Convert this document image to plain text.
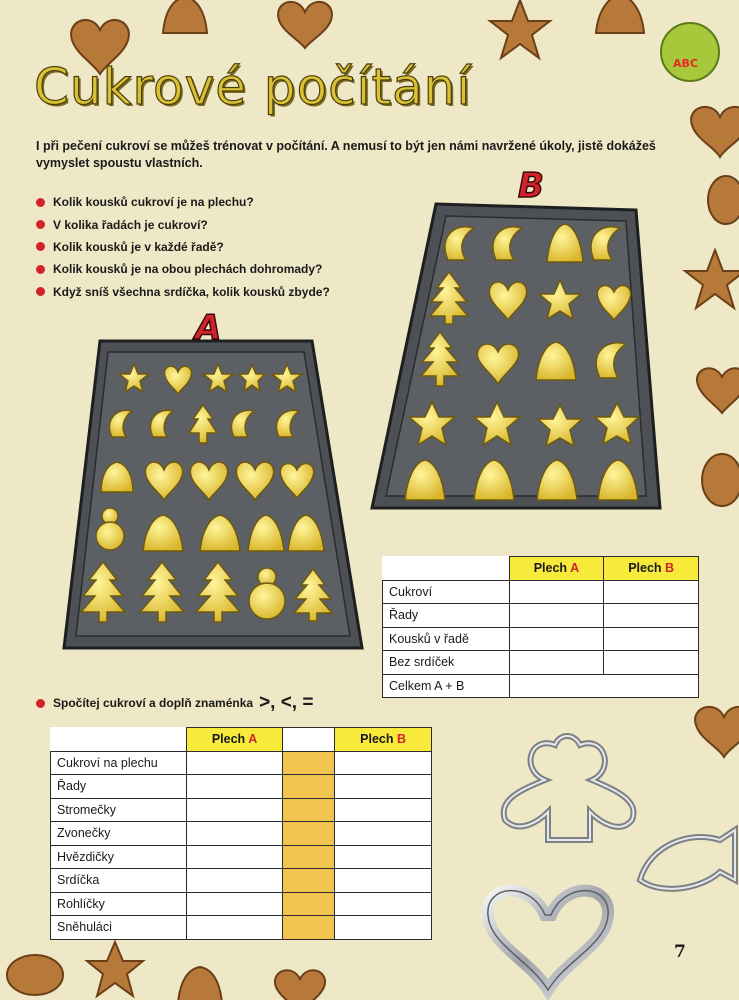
ABC
Cukrové počítání
I při pečení cukroví se můžeš trénovat v počítání. A nemusí to být jen námi navržené úkoly, jistě dokážeš vymyslet spoustu vlastních.
Kolik kousků cukroví je na plechu?
V kolika řadách je cukroví?
Kolik kousků je v každé řadě?
Kolik kousků je na obou plechách dohromady?
Když sníš všechna srdíčka, kolik kousků zbyde?
A
B
	Plech A	Plech B
Cukroví		
Řady		
Kousků v řadě		
Bez srdíček		
Celkem A + B		
Spočítej cukroví a doplň znaménka >, <, =
	Plech A		Plech B
Cukroví na plechu			
Řady			
Stromečky			
Zvonečky			
Hvězdičky			
Srdíčka			
Rohlíčky			
Sněhuláci			
7
